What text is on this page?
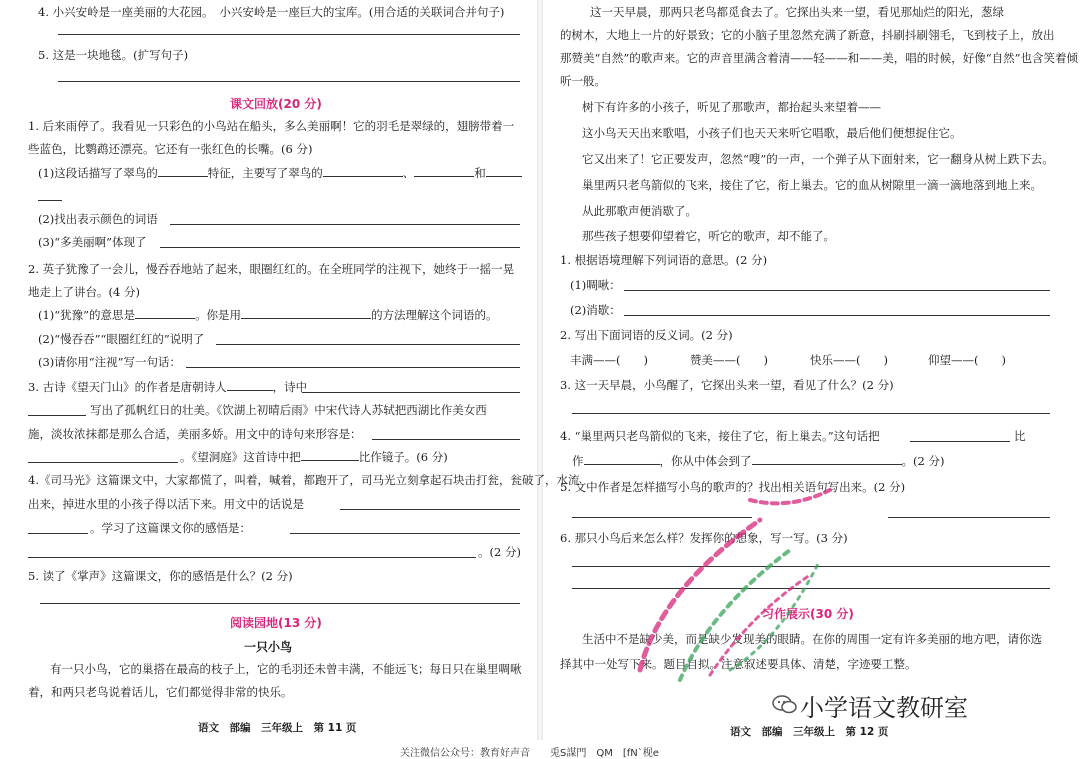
4. 小兴安岭是一座美丽的大花园。　小兴安岭是一座巨大的宝库。(用合适的关联词合并句子)
5. 这是一块地毯。(扩写句子)
课文回放(20 分)
1. 后来雨停了。我看见一只彩色的小鸟站在船头，多么美丽啊！它的羽毛是翠绿的，翅膀带着一
些蓝色，比鹦鹉还漂亮。它还有一张红色的长嘴。(6 分)
(1)这段话描写了翠鸟的	特征，主要写了翠鸟的	、	和
(2)找出表示颜色的词语
(3)“多美丽啊”体现了
2. 英子犹豫了一会儿，慢吞吞地站了起来，眼圈红红的。在全班同学的注视下，她终于一摇一晃
地走上了讲台。(4 分)
(1)“犹豫”的意思是	。你是用	的方法理解这个词语的。
(2)“慢吞吞”“眼圈红红的”说明了
(3)请你用“注视”写一句话：
3. 古诗《望天门山》的作者是唐朝诗人	，诗中
写出了孤帆红日的壮美。《饮湖上初晴后雨》中宋代诗人苏轼把西湖比作美女西
施，淡妆浓抹都是那么合适，美丽多娇。用文中的诗句来形容是：
。《望洞庭》这首诗中把	比作镜子。(6 分)
4.《司马光》这篇课文中，大家都慌了，叫着，喊着，都跑开了，司马光立刻拿起石块击打瓮，瓮破了，水流
出来，掉进水里的小孩子得以活下来。用文中的话说是
。学习了这篇课文你的感悟是：
。(2 分)
5. 读了《掌声》这篇课文，你的感悟是什么？(2 分)
阅读园地(13 分)
一只小鸟
有一只小鸟，它的巢搭在最高的枝子上，它的毛羽还未曾丰满，不能远飞；每日只在巢里啁啾
着，和两只老鸟说着话儿，它们都觉得非常的快乐。
语文　部编　三年级上　第 11 页
这一天早晨，那两只老鸟都觅食去了。它探出头来一望，看见那灿烂的阳光，葱绿
的树木，大地上一片的好景致；它的小脑子里忽然充满了新意，抖刷抖刷翎毛，飞到枝子上，放出
那赞美“自然”的歌声来。它的声音里满含着清——轻——和——美，唱的时候，好像“自然”也含笑着倾
听一般。
树下有许多的小孩子，听见了那歌声，都抬起头来望着——
这小鸟天天出来歌唱，小孩子们也天天来听它唱歌，最后他们便想捉住它。
它又出来了！它正要发声，忽然“嗖”的一声，一个弹子从下面射来，它一翻身从树上跌下去。
巢里两只老鸟箭似的飞来，接住了它，衔上巢去。它的血从树隙里一滴一滴地落到地上来。
从此那歌声便消歇了。
那些孩子想要仰望着它，听它的歌声，却不能了。
1. 根据语境理解下列词语的意思。(2 分)
(1)啁啾：
(2)消歇：
2. 写出下面词语的反义词。(2 分)
丰满——(　　)	赞美——(　　)	快乐——(　　)	仰望——(　　)
3. 这一天早晨，小鸟醒了，它探出头来一望，看见了什么？(2 分)
4. “巢里两只老鸟箭似的飞来，接住了它，衔上巢去。”这句话把	比
作	，你从中体会到了	。(2 分)
5. 文中作者是怎样描写小鸟的歌声的？找出相关语句写出来。(2 分)
6. 那只小鸟后来怎么样？发挥你的想象，写一写。(3 分)
习作展示(30 分)
生活中不是缺少美，而是缺少发现美的眼睛。在你的周围一定有许多美丽的地方吧，请你选
择其中一处写下来。题目自拟。注意叙述要具体、清楚，字迹要工整。
语文　部编　三年级上　第 12 页
小学语文教研室
关注微信公众号：教育好声音　　兎S謀門　QM　[fN`枧e
